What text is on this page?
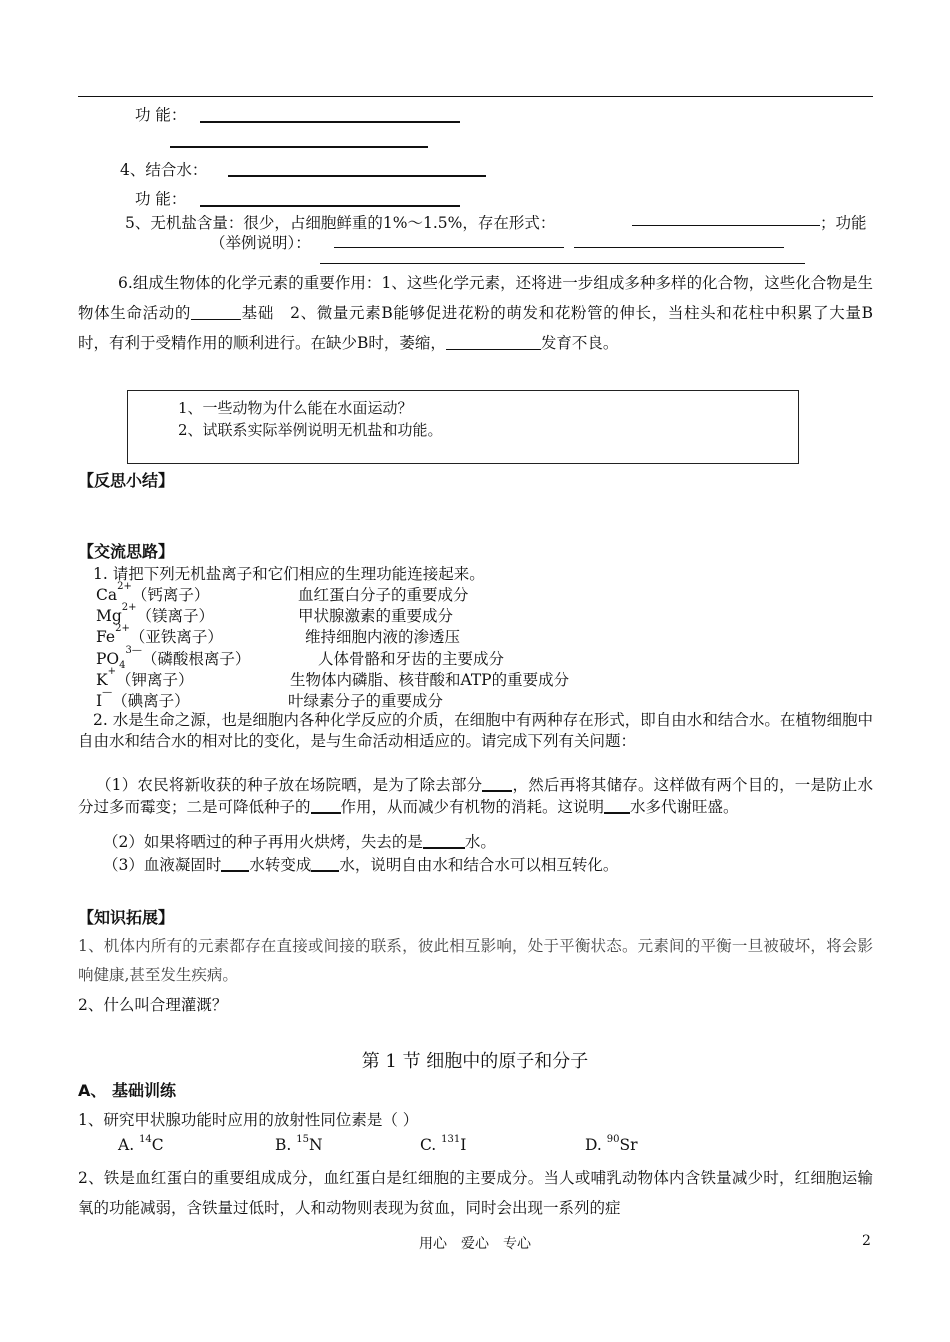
功 能：
4、结合水：
功 能：
5、无机盐含量：很少，占细胞鲜重的1%～1.5%，存在形式：	；功能
（举例说明）：
6.组成生物体的化学元素的重要作用：1、这些化学元素，还将进一步组成多种多样的化合物，这些化合物是生物体生命活动的	基础　2、微量元素B能够促进花粉的萌发和花粉管的伸长，当柱头和花柱中积累了大量B时，有利于受精作用的顺利进行。在缺少B时，萎缩，	发育不良。
1、一些动物为什么能在水面运动？
2、试联系实际举例说明无机盐和功能。
【反思小结】
【交流思路】
1. 请把下列无机盐离子和它们相应的生理功能连接起来。
$Ca^{2+}$（钙离子）	血红蛋白分子的重要成分
$Mg^{2+}$（镁离子）	甲状腺激素的重要成分
$Fe^{2+}$（亚铁离子）	维持细胞内液的渗透压
$PO_4^{3—}$（磷酸根离子）	人体骨骼和牙齿的主要成分
K+（钾离子）	生物体内磷脂、核苷酸和ATP的重要成分
I—（碘离子）	叶绿素分子的重要成分
2. 水是生命之源，也是细胞内各种化学反应的介质，在细胞中有两种存在形式，即自由水和结合水。在植物细胞中自由水和结合水的相对比的变化，是与生命活动相适应的。请完成下列有关问题：
（1）农民将新收获的种子放在场院晒，是为了除去部分 ，然后再将其储存。这样做有两个目的，一是防止水分过多而霉变；二是可降低种子的 作用，从而减少有机物的消耗。这说明 水多代谢旺盛。
（2）如果将晒过的种子再用火烘烤，失去的是	水。
（3）血液凝固时 水转变成 水，说明自由水和结合水可以相互转化。
【知识拓展】
1、机体内所有的元素都存在直接或间接的联系，彼此相互影响，处于平衡状态。元素间的平衡一旦被破坏，将会影响健康,甚至发生疾病。
2、什么叫合理灌溉？
第 1 节 细胞中的原子和分子
A、 基础训练
1、研究甲状腺功能时应用的放射性同位素是（ ）
A. $^{14}$C	B. $^{15}$N	C. $^{131}$I	D. $^{90}$Sr
2、铁是血红蛋白的重要组成成分，血红蛋白是红细胞的主要成分。当人或哺乳动物体内含铁量减少时，红细胞运输氧的功能减弱，含铁量过低时，人和动物则表现为贫血，同时会出现一系列的症
用心　爱心　专心	2
